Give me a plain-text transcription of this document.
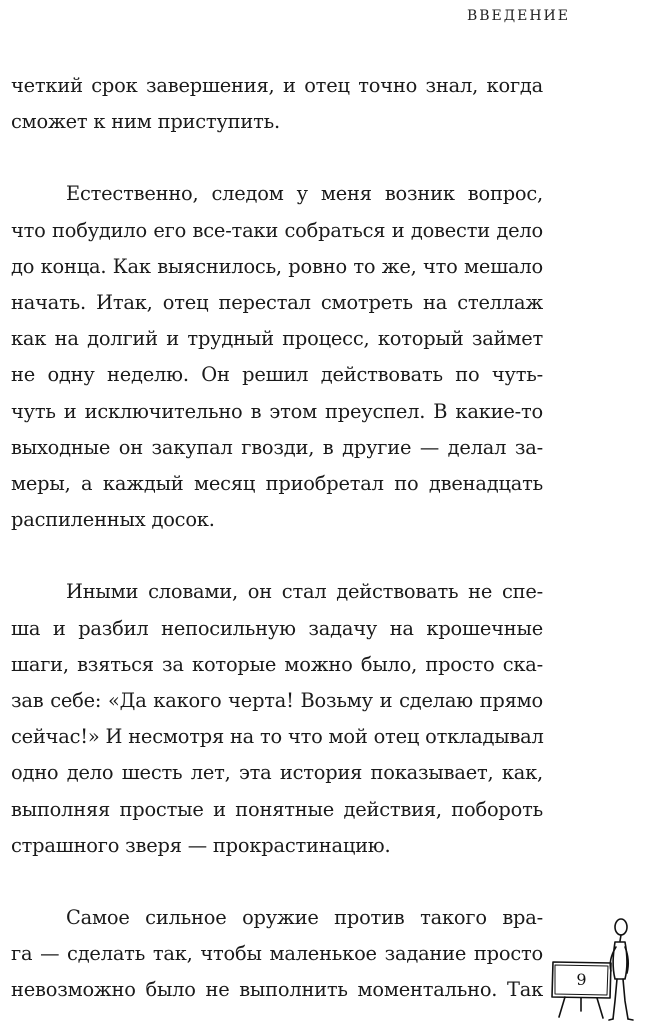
ВВЕДЕНИЕ

четкий срок завершения, и отец точно знал, когда
сможет к ним приступить.

Естественно, следом у меня возник вопрос,
что побудило его все-таки собраться и довести дело
до конца. Как выяснилось, ровно то же, что мешало
начать. Итак, отец перестал смотреть на стеллаж
как на долгий и трудный процесс, который займет
не одну неделю. Он решил действовать по чуть-
чуть и исключительно в этом преуспел. В какие-то
выходные он закупал гвозди, в другие — делал за-
меры, а каждый месяц приобретал по двенадцать
распиленных досок.

Иными словами, он стал действовать не спе-
ша и разбил непосильную задачу на крошечные
шаги, взяться за которые можно было, просто ска-
зав себе: «Да какого черта! Возьму и сделаю прямо
сейчас!» И несмотря на то что мой отец откладывал
одно дело шесть лет, эта история показывает, как,
выполняя простые и понятные действия, побороть
страшного зверя — прокрастинацию.

Самое сильное оружие против такого вра-
га — сделать так, чтобы маленькое задание просто
невозможно было не выполнить моментально. Так	9
